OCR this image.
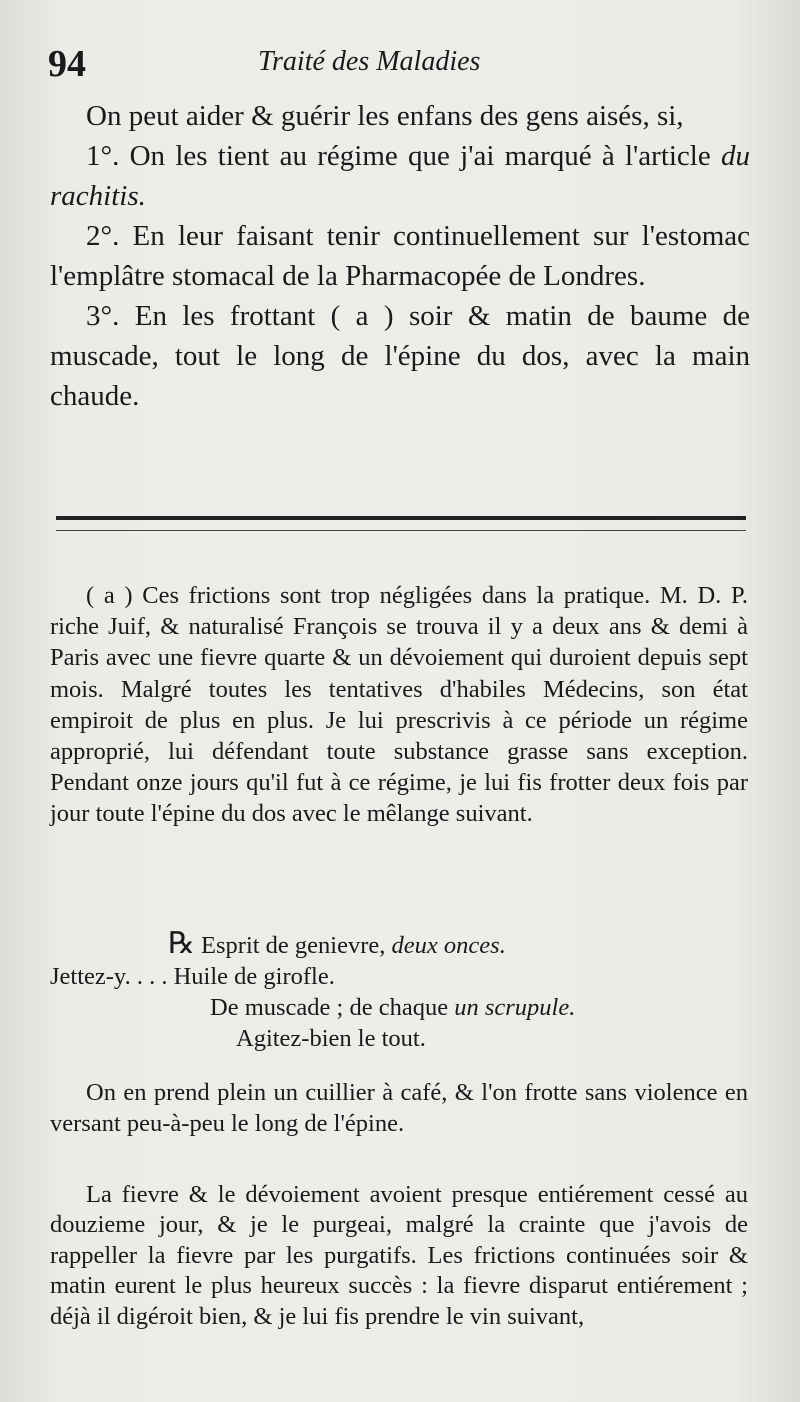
94	Traité des Maladies

On peut aider & guérir les enfans des gens aisés, si,

1°. On les tient au régime que j'ai marqué à l'article du rachitis.

2°. En leur faisant tenir continuellement sur l'estomac l'emplâtre stomacal de la Pharmacopée de Londres.

3°. En les frottant ( a ) soir & matin de baume de muscade, tout le long de l'épine du dos, avec la main chaude.

( a ) Ces frictions sont trop négligées dans la pratique. M. D. P. riche Juif, & naturalisé François se trouva il y a deux ans & demi à Paris avec une fievre quarte & un dévoiement qui duroient depuis sept mois. Malgré toutes les tentatives d'habiles Médecins, son état empiroit de plus en plus. Je lui prescrivis à ce période un régime approprié, lui défendant toute substance grasse sans exception. Pendant onze jours qu'il fut à ce régime, je lui fis frotter deux fois par jour toute l'épine du dos avec le mêlange suivant.

℞ Esprit de genievre, deux onces.
Jettez-y. . . . Huile de girofle.
De muscade ; de chaque un scrupule.
Agitez-bien le tout.

On en prend plein un cuillier à café, & l'on frotte sans violence en versant peu-à-peu le long de l'épine.

La fievre & le dévoiement avoient presque entiérement cessé au douzieme jour, & je le purgeai, malgré la crainte que j'avois de rappeller la fievre par les purgatifs. Les frictions continuées soir & matin eurent le plus heureux succès : la fievre disparut entiérement ; déjà il digéroit bien, & je lui fis prendre le vin suivant,
